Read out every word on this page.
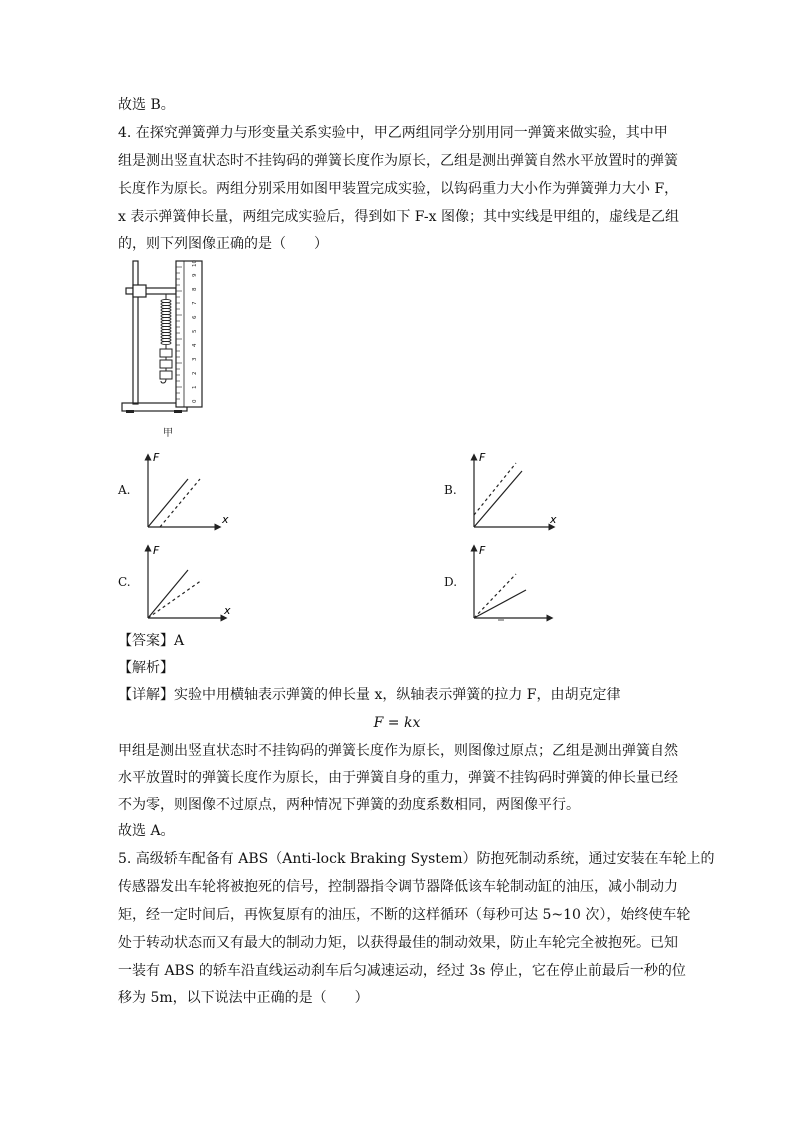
故选 B。
4. 在探究弹簧弹力与形变量关系实验中，甲乙两组同学分别用同一弹簧来做实验，其中甲
组是测出竖直状态时不挂钩码的弹簧长度作为原长，乙组是测出弹簧自然水平放置时的弹簧
长度作为原长。两组分别采用如图甲装置完成实验，以钩码重力大小作为弹簧弹力大小 F，
x 表示弹簧伸长量，两组完成实验后，得到如下 F-x 图像；其中实线是甲组的，虚线是乙组
的，则下列图像正确的是（　　）
0
1
2
3
4
5
6
7
8
9
10
甲
A.
F
x
B.
F
x
C.
F
x
D.
F
【答案】A
【解析】
【详解】实验中用横轴表示弹簧的伸长量 x，纵轴表示弹簧的拉力 F，由胡克定律
F = kx
甲组是测出竖直状态时不挂钩码的弹簧长度作为原长，则图像过原点；乙组是测出弹簧自然
水平放置时的弹簧长度作为原长，由于弹簧自身的重力，弹簧不挂钩码时弹簧的伸长量已经
不为零，则图像不过原点，两种情况下弹簧的劲度系数相同，两图像平行。
故选 A。
5. 高级轿车配备有 ABS（Anti-lock Braking System）防抱死制动系统，通过安装在车轮上的
传感器发出车轮将被抱死的信号，控制器指令调节器降低该车轮制动缸的油压，减小制动力
矩，经一定时间后，再恢复原有的油压，不断的这样循环（每秒可达 5~10 次），始终使车轮
处于转动状态而又有最大的制动力矩，以获得最佳的制动效果，防止车轮完全被抱死。已知
一装有 ABS 的轿车沿直线运动刹车后匀减速运动，经过 3s 停止，它在停止前最后一秒的位
移为 5m，以下说法中正确的是（　　）
